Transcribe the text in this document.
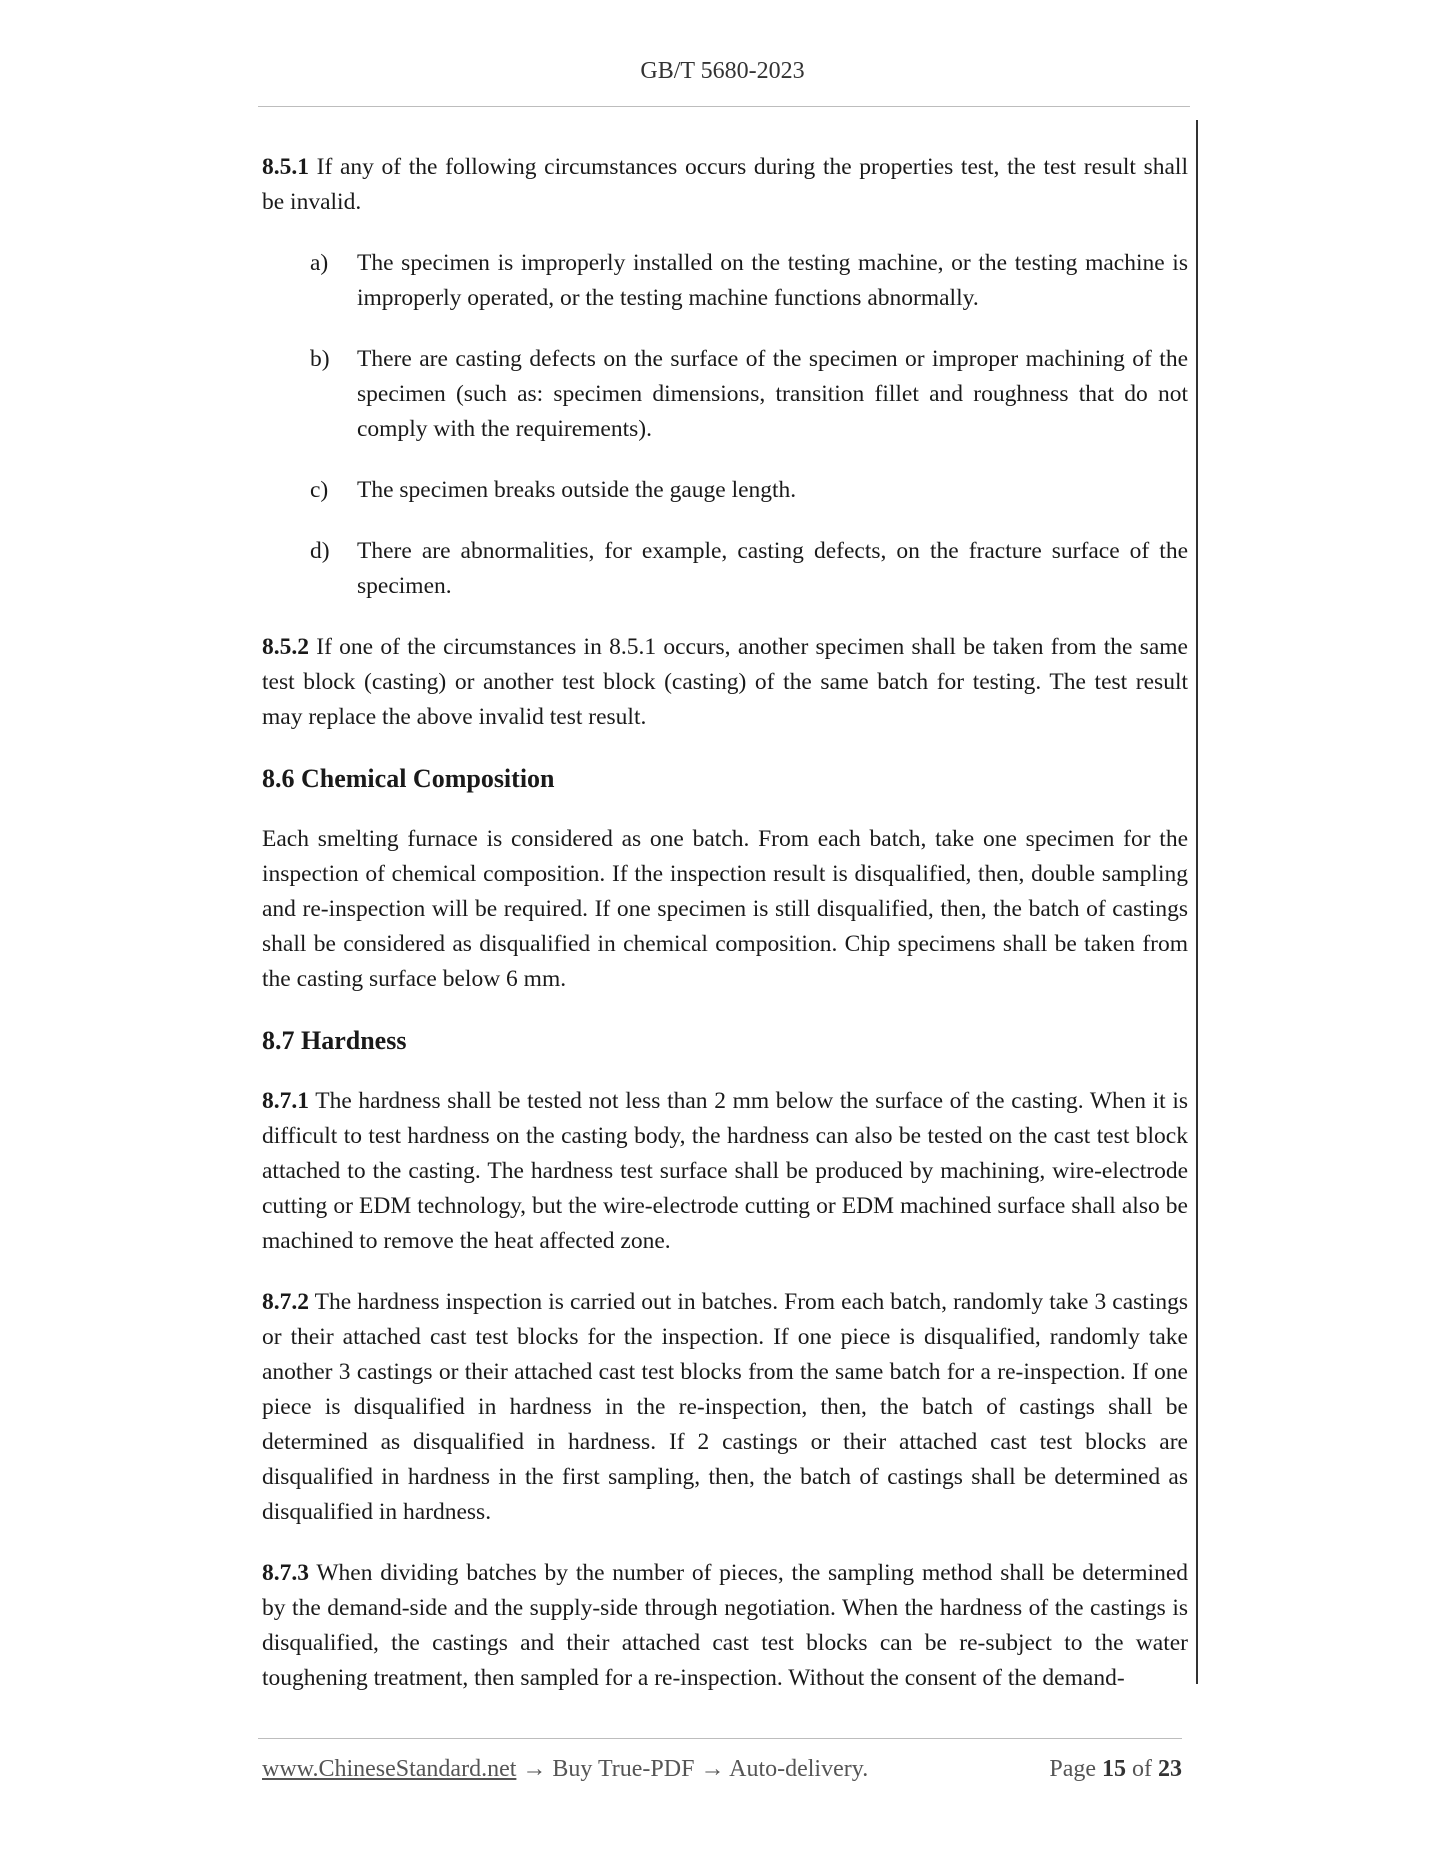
GB/T 5680-2023

8.5.1 If any of the following circumstances occurs during the properties test, the test result shall be invalid.

a)	The specimen is improperly installed on the testing machine, or the testing machine is improperly operated, or the testing machine functions abnormally.
b)	There are casting defects on the surface of the specimen or improper machining of the specimen (such as: specimen dimensions, transition fillet and roughness that do not comply with the requirements).
c)	The specimen breaks outside the gauge length.
d)	There are abnormalities, for example, casting defects, on the fracture surface of the specimen.

8.5.2 If one of the circumstances in 8.5.1 occurs, another specimen shall be taken from the same test block (casting) or another test block (casting) of the same batch for testing. The test result may replace the above invalid test result.

8.6 Chemical Composition

Each smelting furnace is considered as one batch. From each batch, take one specimen for the inspection of chemical composition. If the inspection result is disqualified, then, double sampling and re-inspection will be required. If one specimen is still disqualified, then, the batch of castings shall be considered as disqualified in chemical composition. Chip specimens shall be taken from the casting surface below 6 mm.

8.7 Hardness

8.7.1 The hardness shall be tested not less than 2 mm below the surface of the casting. When it is difficult to test hardness on the casting body, the hardness can also be tested on the cast test block attached to the casting. The hardness test surface shall be produced by machining, wire-electrode cutting or EDM technology, but the wire-electrode cutting or EDM machined surface shall also be machined to remove the heat affected zone.

8.7.2 The hardness inspection is carried out in batches. From each batch, randomly take 3 castings or their attached cast test blocks for the inspection. If one piece is disqualified, randomly take another 3 castings or their attached cast test blocks from the same batch for a re-inspection. If one piece is disqualified in hardness in the re-inspection, then, the batch of castings shall be determined as disqualified in hardness. If 2 castings or their attached cast test blocks are disqualified in hardness in the first sampling, then, the batch of castings shall be determined as disqualified in hardness.

8.7.3 When dividing batches by the number of pieces, the sampling method shall be determined by the demand-side and the supply-side through negotiation. When the hardness of the castings is disqualified, the castings and their attached cast test blocks can be re-subject to the water toughening treatment, then sampled for a re-inspection. Without the consent of the demand-

www.ChineseStandard.net → Buy True-PDF → Auto-delivery.	Page 15 of 23
